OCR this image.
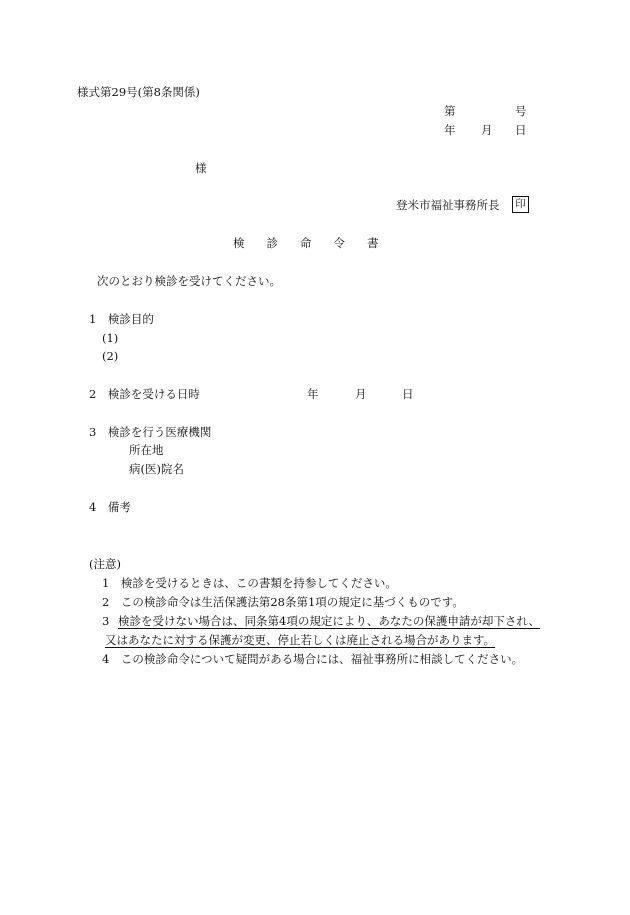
様式第29号(第8条関係)
第	号
年 月 日
様
登米市福祉事務所長	印
検診命令書
次のとおり検診を受けてください。
1　検診目的
(1)
(2)
2　検診を受ける日時	年	月	日
3　検診を行う医療機関
所在地
病(医)院名
4　備考
(注意)
1　検診を受けるときは、この書類を持参してください。
2　この検診命令は生活保護法第28条第1項の規定に基づくものです。
3 検診を受けない場合は、同条第4項の規定により、あなたの保護申請が却下され、
又はあなたに対する保護が変更、停止若しくは廃止される場合があります。
4　この検診命令について疑問がある場合には、福祉事務所に相談してください。
